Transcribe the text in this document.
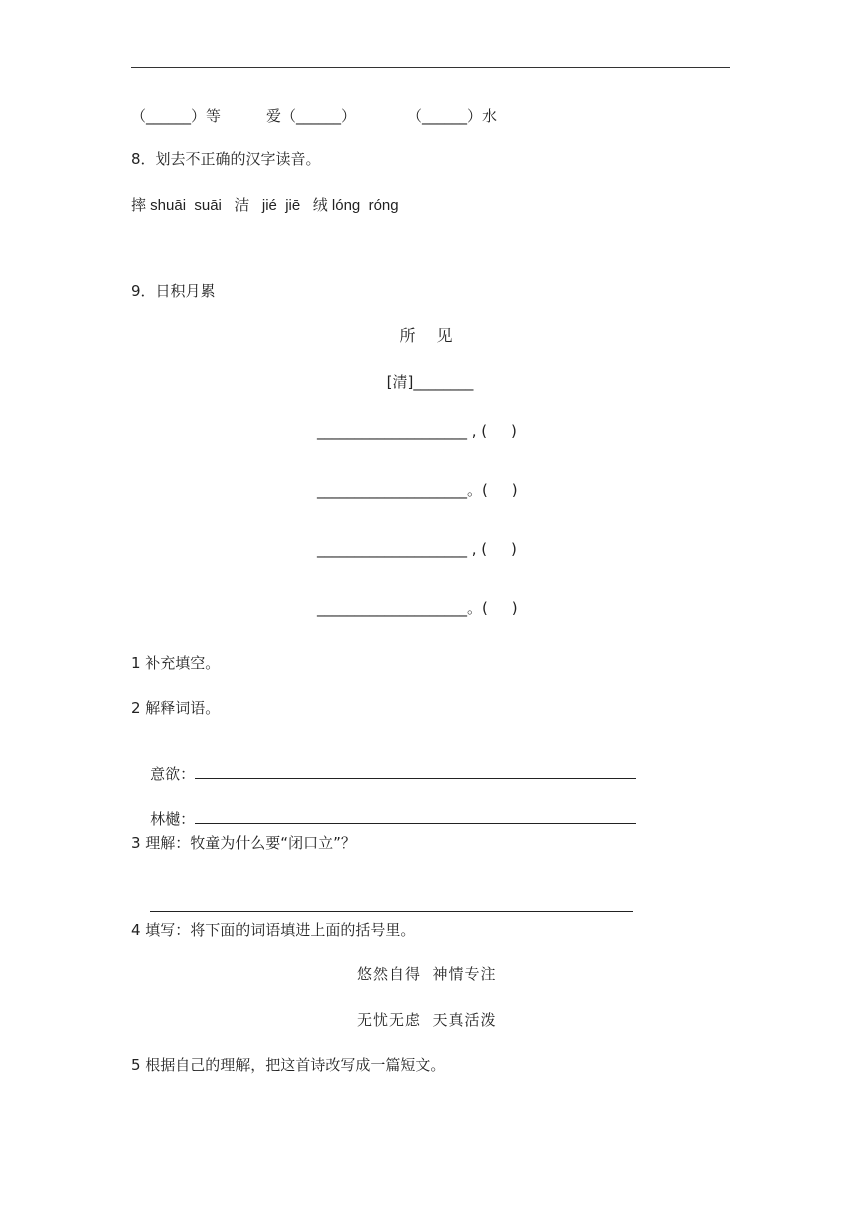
（______）等	爱（______）	（______）水
8．划去不正确的汉字读音。
摔 shuāi  suāi   洁   jié  jiē   绒 lóng  róng
9．日积月累
所 见
[清]________
____________________ , (     )
____________________。(     )
____________________ , (     )
____________________。(     )
1 补充填空。
2 解释词语。

意欲：

林樾：

3 理解：牧童为什么要“闭口立”？

4 填写：将下面的词语填进上面的括号里。
悠然自得  神情专注
无忧无虑  天真活泼
5 根据自己的理解，把这首诗改写成一篇短文。
